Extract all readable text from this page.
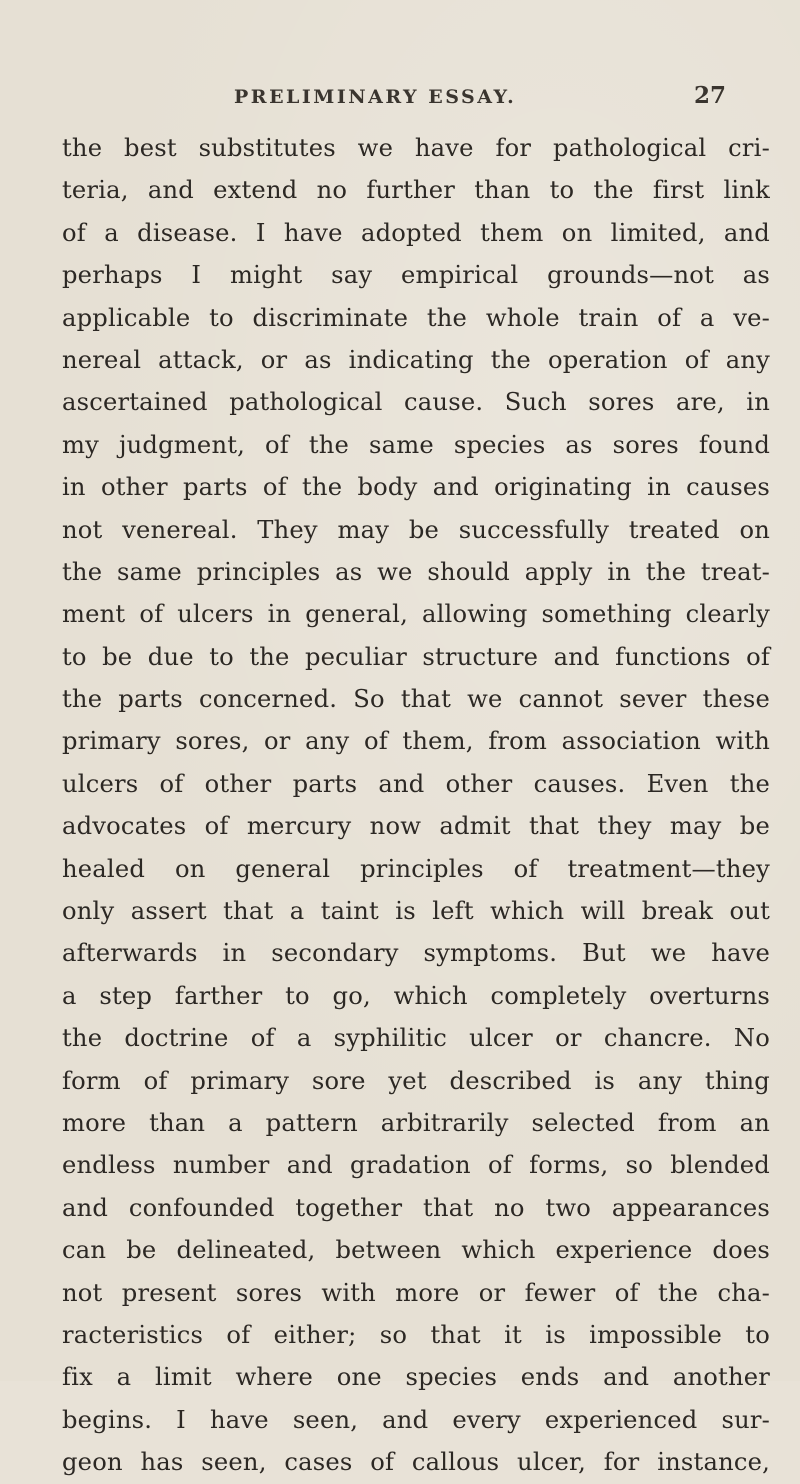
PRELIMINARY ESSAY.	27
the best substitutes we have for pathological cri-
teria, and extend no further than to the first link
of a disease. I have adopted them on limited, and
perhaps I might say empirical grounds—not as
applicable to discriminate the whole train of a ve-
nereal attack, or as indicating the operation of any
ascertained pathological cause. Such sores are, in
my judgment, of the same species as sores found
in other parts of the body and originating in causes
not venereal. They may be successfully treated on
the same principles as we should apply in the treat-
ment of ulcers in general, allowing something clearly
to be due to the peculiar structure and functions of
the parts concerned. So that we cannot sever these
primary sores, or any of them, from association with
ulcers of other parts and other causes. Even the
advocates of mercury now admit that they may be
healed on general principles of treatment—they
only assert that a taint is left which will break out
afterwards in secondary symptoms. But we have
a step farther to go, which completely overturns
the doctrine of a syphilitic ulcer or chancre. No
form of primary sore yet described is any thing
more than a pattern arbitrarily selected from an
endless number and gradation of forms, so blended
and confounded together that no two appearances
can be delineated, between which experience does
not present sores with more or fewer of the cha-
racteristics of either; so that it is impossible to
fix a limit where one species ends and another
begins. I have seen, and every experienced sur-
geon has seen, cases of callous ulcer, for instance,
